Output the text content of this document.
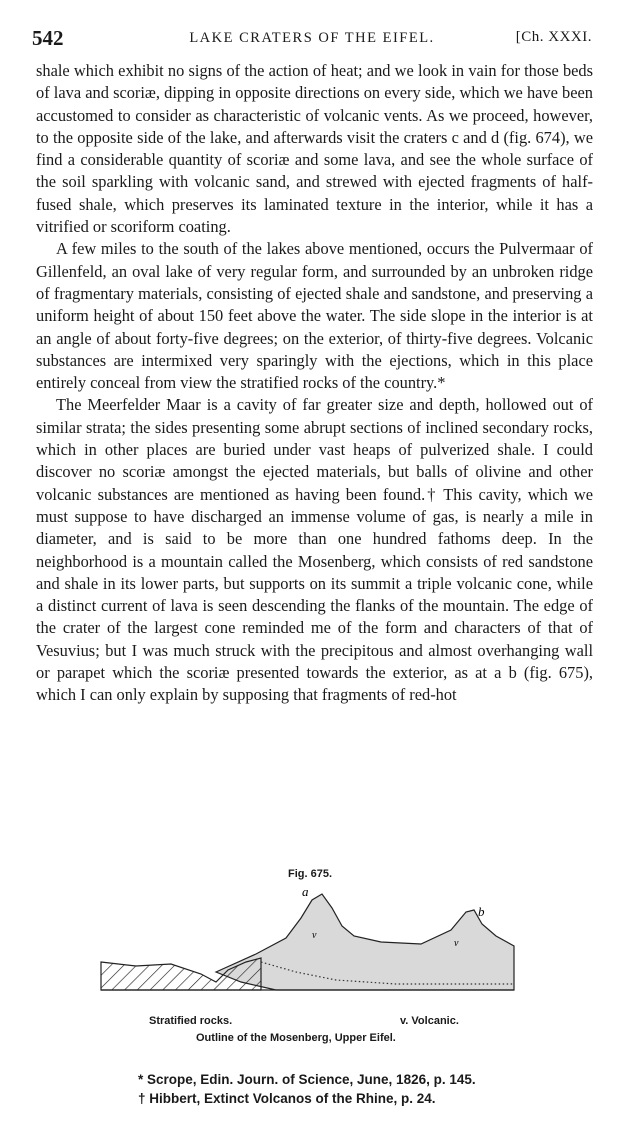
542	LAKE CRATERS OF THE EIFEL.	[Ch. XXXI.

shale which exhibit no signs of the action of heat; and we look in vain for those beds of lava and scoriæ, dipping in opposite directions on every side, which we have been accustomed to consider as characteristic of volcanic vents. As we proceed, however, to the opposite side of the lake, and afterwards visit the craters c and d (fig. 674), we find a considerable quantity of scoriæ and some lava, and see the whole surface of the soil sparkling with volcanic sand, and strewed with ejected fragments of half-fused shale, which preserves its laminated texture in the interior, while it has a vitrified or scoriform coating.

A few miles to the south of the lakes above mentioned, occurs the Pulvermaar of Gillenfeld, an oval lake of very regular form, and surrounded by an unbroken ridge of fragmentary materials, consisting of ejected shale and sandstone, and preserving a uniform height of about 150 feet above the water. The side slope in the interior is at an angle of about forty-five degrees; on the exterior, of thirty-five degrees. Volcanic substances are intermixed very sparingly with the ejections, which in this place entirely conceal from view the stratified rocks of the country.*

The Meerfelder Maar is a cavity of far greater size and depth, hollowed out of similar strata; the sides presenting some abrupt sections of inclined secondary rocks, which in other places are buried under vast heaps of pulverized shale. I could discover no scoriæ amongst the ejected materials, but balls of olivine and other volcanic substances are mentioned as having been found.† This cavity, which we must suppose to have discharged an immense volume of gas, is nearly a mile in diameter, and is said to be more than one hundred fathoms deep. In the neighborhood is a mountain called the Mosenberg, which consists of red sandstone and shale in its lower parts, but supports on its summit a triple volcanic cone, while a distinct current of lava is seen descending the flanks of the mountain. The edge of the crater of the largest cone reminded me of the form and characters of that of Vesuvius; but I was much struck with the precipitous and almost overhanging wall or parapet which the scoriæ presented towards the exterior, as at a b (fig. 675), which I can only explain by supposing that fragments of red-hot

Fig. 675.
a
b
v
v
Stratified rocks.	v. Volcanic.
Outline of the Mosenberg, Upper Eifel.
* Scrope, Edin. Journ. of Science, June, 1826, p. 145.
† Hibbert, Extinct Volcanos of the Rhine, p. 24.
